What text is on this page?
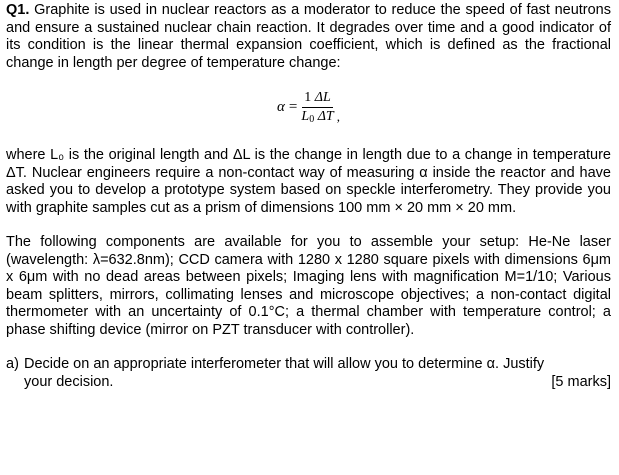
Q1. Graphite is used in nuclear reactors as a moderator to reduce the speed of fast neutrons and ensure a sustained nuclear chain reaction. It degrades over time and a good indicator of its condition is the linear thermal expansion coefficient, which is defined as the fractional change in length per degree of temperature change:

$\alpha = \frac{1 \Delta L}{L_0 \Delta T}$ ,

where L₀ is the original length and ΔL is the change in length due to a change in temperature ΔT. Nuclear engineers require a non-contact way of measuring α inside the reactor and have asked you to develop a prototype system based on speckle interferometry. They provide you with graphite samples cut as a prism of dimensions 100 mm × 20 mm × 20 mm.

The following components are available for you to assemble your setup: He-Ne laser (wavelength: λ=632.8nm); CCD camera with 1280 x 1280 square pixels with dimensions 6μm x 6μm with no dead areas between pixels; Imaging lens with magnification M=1/10; Various beam splitters, mirrors, collimating lenses and microscope objectives; a non-contact digital thermometer with an uncertainty of 0.1°C; a thermal chamber with temperature control; a phase shifting device (mirror on PZT transducer with controller).

a) Decide on an appropriate interferometer that will allow you to determine α. Justify
your decision.	[5 marks]
